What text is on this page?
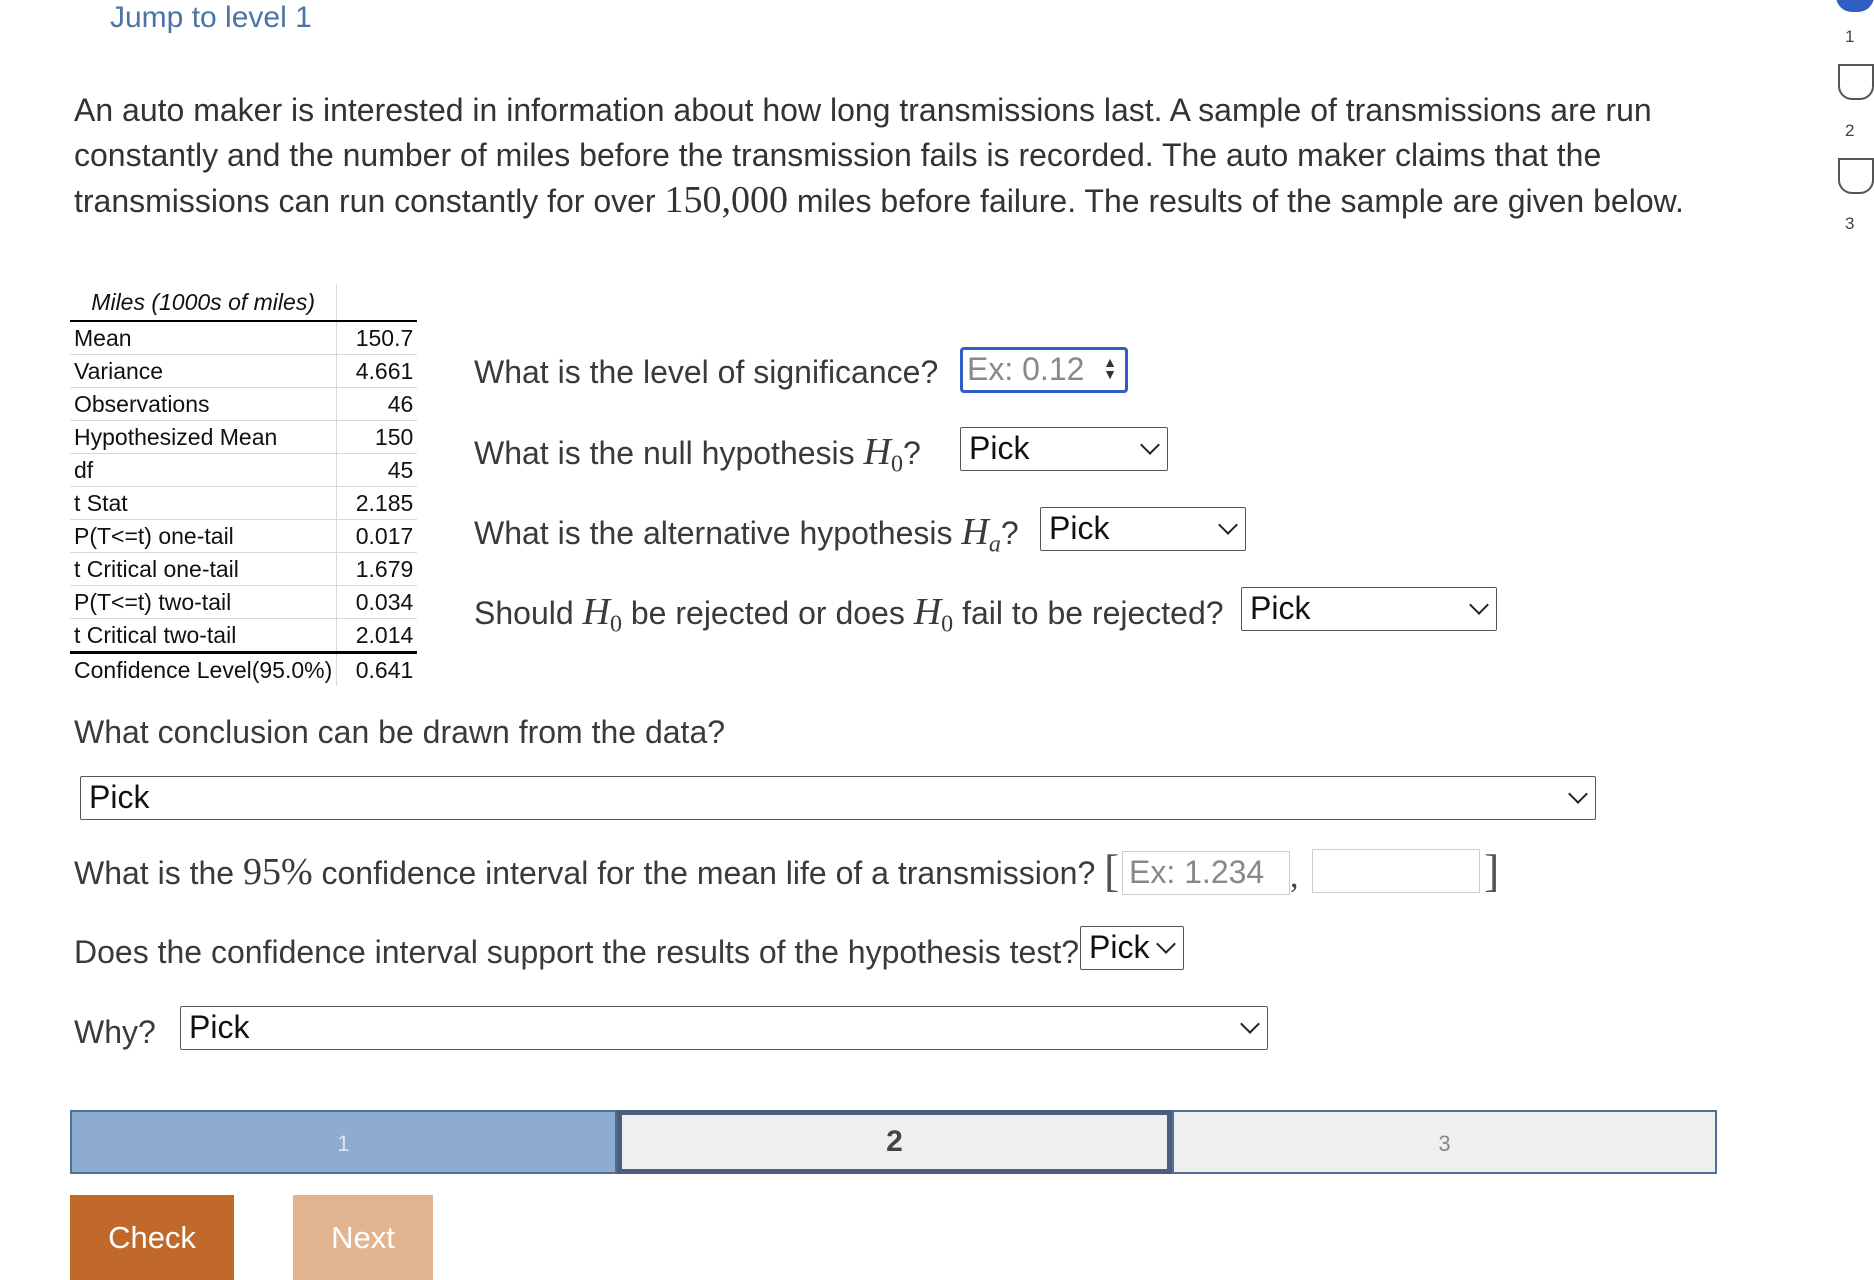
Jump to level 1
An auto maker is interested in information about how long transmissions last. A sample of transmissions are run constantly and the number of miles before the transmission fails is recorded. The auto maker claims that the transmissions can run constantly for over 150,000 miles before failure. The results of the sample are given below.
Miles (1000s of miles)	
Mean	150.7
Variance	4.661
Observations	46
Hypothesized Mean	150
df	45
t Stat	2.185
P(T<=t) one-tail	0.017
t Critical one-tail	1.679
P(T<=t) two-tail	0.034
t Critical two-tail	2.014
Confidence Level(95.0%)	0.641
What is the level of significance? Ex: 0.12 ▲
▼
What is the null hypothesis $H_0$? Pick
What is the alternative hypothesis $H_a$? Pick
Should $H_0$ be rejected or does $H_0$ fail to be rejected? Pick
What conclusion can be drawn from the data?
Pick
What is the 95% confidence interval for the mean life of a transmission? [ Ex: 1.234 ,	]
Does the confidence interval support the results of the hypothesis test? Pick
Why? Pick
1	2	3
Check	Next
1
2
3
